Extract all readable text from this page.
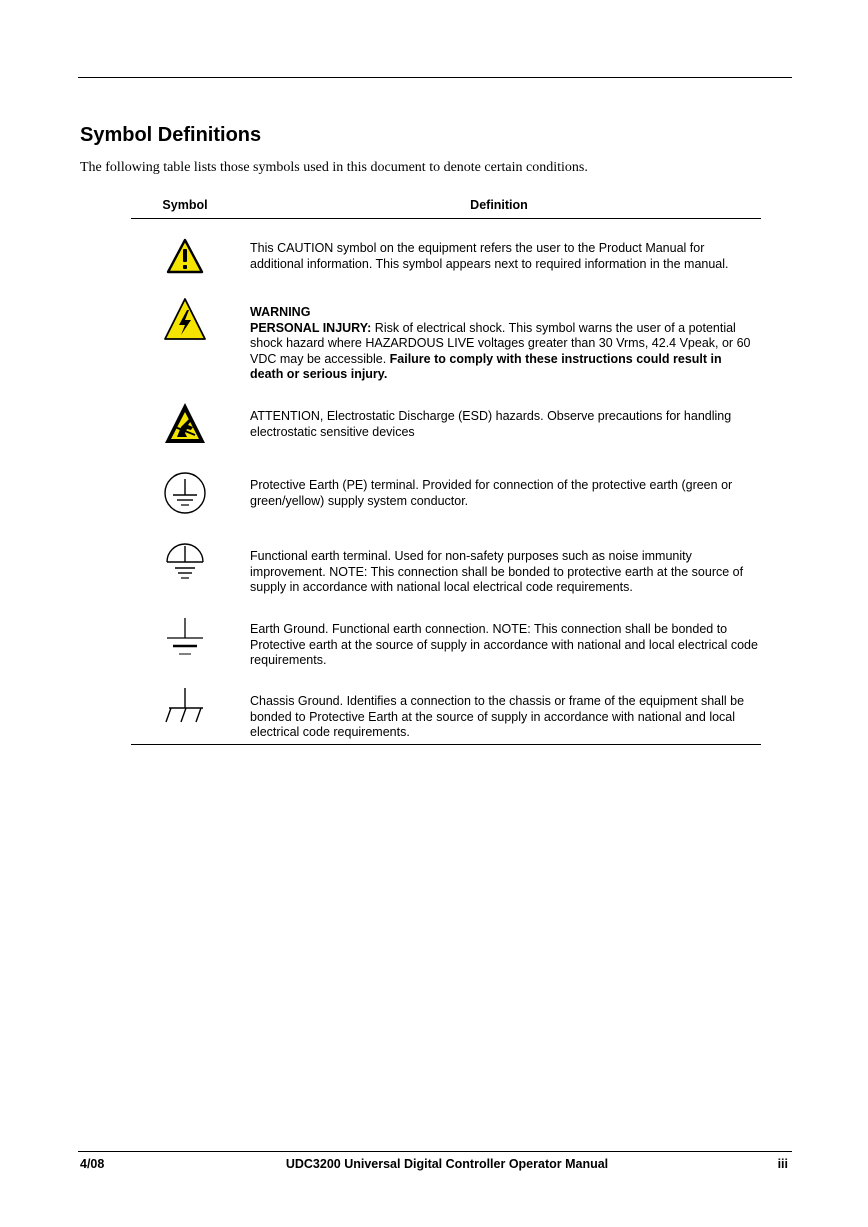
Symbol Definitions

The following table lists those symbols used in this document to denote certain conditions.

Symbol	Definition
This CAUTION symbol on the equipment refers the user to the Product Manual for additional information. This symbol appears next to required information in the manual.
WARNING
PERSONAL INJURY: Risk of electrical shock. This symbol warns the user of a potential shock hazard where HAZARDOUS LIVE voltages greater than 30 Vrms, 42.4 Vpeak, or 60 VDC may be accessible. Failure to comply with these instructions could result in death or serious injury.
ATTENTION, Electrostatic Discharge (ESD) hazards. Observe precautions for handling electrostatic sensitive devices
Protective Earth (PE) terminal. Provided for connection of the protective earth (green or green/yellow) supply system conductor.
Functional earth terminal. Used for non-safety purposes such as noise immunity improvement. NOTE: This connection shall be bonded to protective earth at the source of supply in accordance with national local electrical code requirements.
Earth Ground. Functional earth connection. NOTE: This connection shall be bonded to Protective earth at the source of supply in accordance with national and local electrical code requirements.
Chassis Ground. Identifies a connection to the chassis or frame of the equipment shall be bonded to Protective Earth at the source of supply in accordance with national and local electrical code requirements.
4/08	UDC3200 Universal Digital Controller Operator Manual	iii
